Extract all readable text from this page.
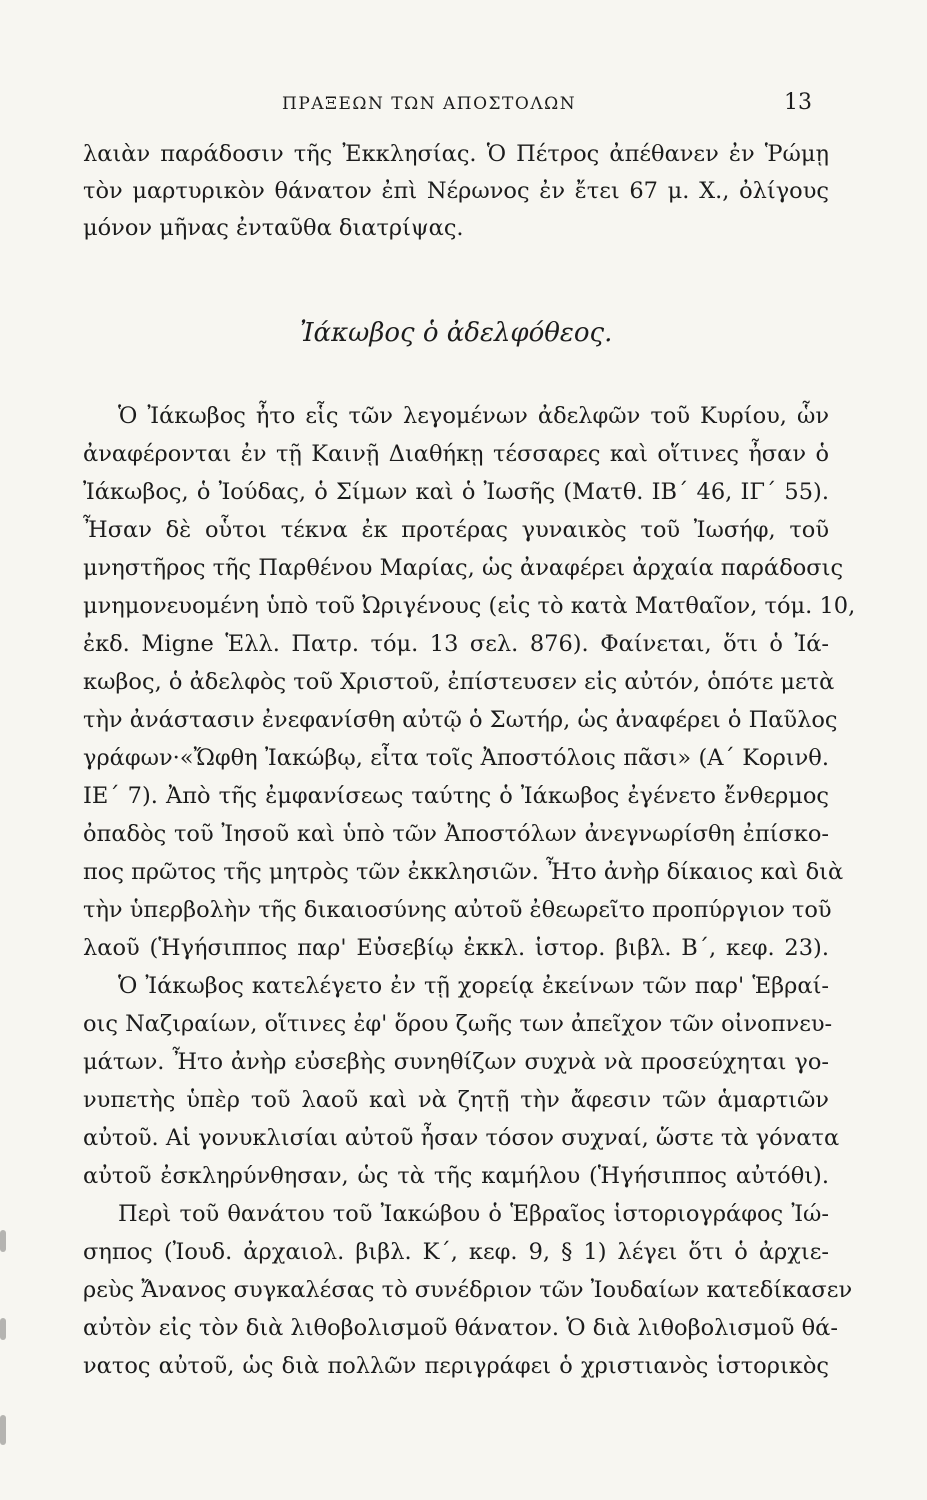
ΠΡΑΞΕΩΝ ΤΩΝ ΑΠΟΣΤΟΛΩΝ	13
λαιὰν παράδοσιν τῆς Ἐκκλησίας. Ὁ Πέτρος ἀπέθανεν ἐν Ῥώμῃ
τὸν μαρτυρικὸν θάνατον ἐπὶ Νέρωνος ἐν ἔτει 67 μ. Χ., ὀλίγους
μόνον μῆνας ἐνταῦθα διατρίψας.
Ἰάκωβος ὁ ἀδελφόθεος.
Ὁ Ἰάκωβος ἦτο εἷς τῶν λεγομένων ἀδελφῶν τοῦ Κυρίου, ὧν
ἀναφέρονται ἐν τῇ Καινῇ Διαθήκῃ τέσσαρες καὶ οἵτινες ἦσαν ὁ
Ἰάκωβος, ὁ Ἰούδας, ὁ Σίμων καὶ ὁ Ἰωσῆς (Ματθ. ΙΒ΄ 46, ΙΓ΄ 55).
Ἦσαν δὲ οὗτοι τέκνα ἐκ προτέρας γυναικὸς τοῦ Ἰωσήφ, τοῦ
μνηστῆρος τῆς Παρθένου Μαρίας, ὡς ἀναφέρει ἀρχαία παράδοσις
μνημονευομένη ὑπὸ τοῦ Ὠριγένους (εἰς τὸ κατὰ Ματθαῖον, τόμ. 10,
ἐκδ. Migne Ἑλλ. Πατρ. τόμ. 13 σελ. 876). Φαίνεται, ὅτι ὁ Ἰά-
κωβος, ὁ ἀδελφὸς τοῦ Χριστοῦ, ἐπίστευσεν εἰς αὐτόν, ὁπότε μετὰ
τὴν ἀνάστασιν ἐνεφανίσθη αὐτῷ ὁ Σωτήρ, ὡς ἀναφέρει ὁ Παῦλος
γράφων·«Ὤφθη Ἰακώβῳ, εἶτα τοῖς Ἀποστόλοις πᾶσι» (Α΄ Κορινθ.
ΙΕ΄ 7). Ἀπὸ τῆς ἐμφανίσεως ταύτης ὁ Ἰάκωβος ἐγένετο ἔνθερμος
ὀπαδὸς τοῦ Ἰησοῦ καὶ ὑπὸ τῶν Ἀποστόλων ἀνεγνωρίσθη ἐπίσκο-
πος πρῶτος τῆς μητρὸς τῶν ἐκκλησιῶν. Ἦτο ἀνὴρ δίκαιος καὶ διὰ
τὴν ὑπερβολὴν τῆς δικαιοσύνης αὐτοῦ ἐθεωρεῖτο προπύργιον τοῦ
λαοῦ (Ἡγήσιππος παρ' Εὐσεβίῳ ἐκκλ. ἱστορ. βιβλ. Β΄, κεφ. 23).
Ὁ Ἰάκωβος κατελέγετο ἐν τῇ χορείᾳ ἐκείνων τῶν παρ' Ἑβραί-
οις Ναζιραίων, οἵτινες ἐφ' ὅρου ζωῆς των ἀπεῖχον τῶν οἰνοπνευ-
μάτων. Ἦτο ἀνὴρ εὐσεβὴς συνηθίζων συχνὰ νὰ προσεύχηται γο-
νυπετὴς ὑπὲρ τοῦ λαοῦ καὶ νὰ ζητῇ τὴν ἄφεσιν τῶν ἁμαρτιῶν
αὐτοῦ. Αἱ γονυκλισίαι αὐτοῦ ἦσαν τόσον συχναί, ὥστε τὰ γόνατα
αὐτοῦ ἐσκληρύνθησαν, ὡς τὰ τῆς καμήλου (Ἡγήσιππος αὐτόθι).
Περὶ τοῦ θανάτου τοῦ Ἰακώβου ὁ Ἑβραῖος ἱστοριογράφος Ἰώ-
σηπος (Ἰουδ. ἀρχαιολ. βιβλ. Κ΄, κεφ. 9, § 1) λέγει ὅτι ὁ ἀρχιε-
ρεὺς Ἄνανος συγκαλέσας τὸ συνέδριον τῶν Ἰουδαίων κατεδίκασεν
αὐτὸν εἰς τὸν διὰ λιθοβολισμοῦ θάνατον. Ὁ διὰ λιθοβολισμοῦ θά-
νατος αὐτοῦ, ὡς διὰ πολλῶν περιγράφει ὁ χριστιανὸς ἱστορικὸς
